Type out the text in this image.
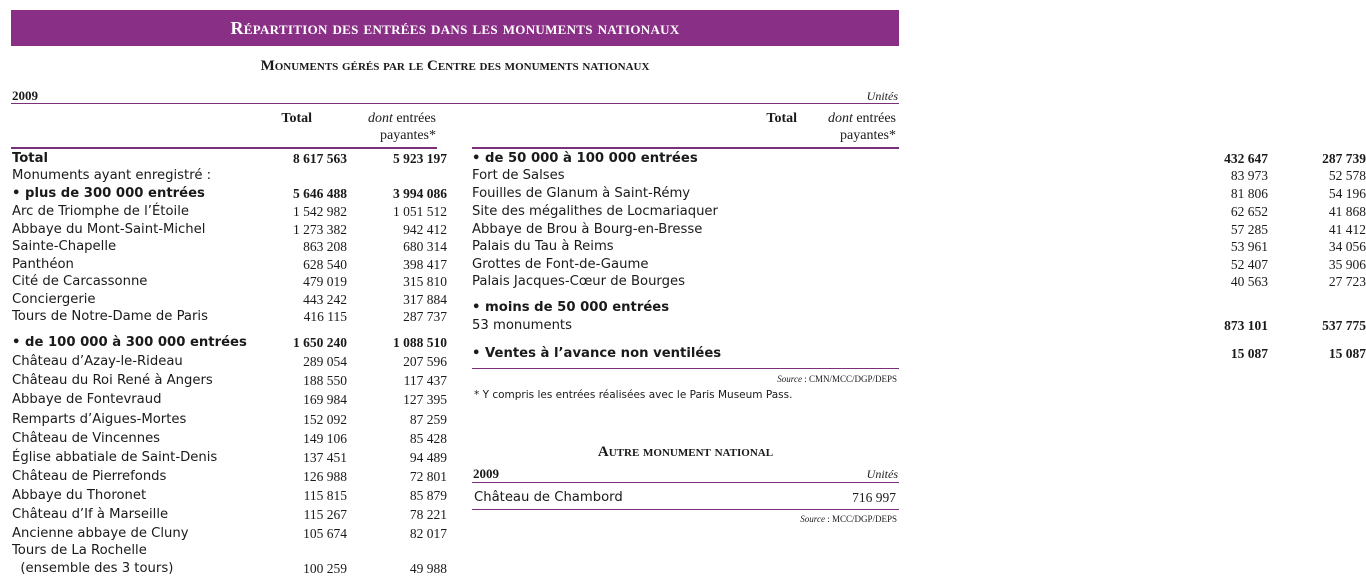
Répartition des entrées dans les monuments nationaux
Monuments gérés par le Centre des monuments nationaux
2009	Unités
Total	dont entrées
payantes*
Total	dont entrées
payantes*
Total	8 617 563	5 923 197
Monuments ayant enregistré :
• plus de 300 000 entrées	5 646 488	3 994 086
Arc de Triomphe de l’Étoile	1 542 982	1 051 512
Abbaye du Mont-Saint-Michel	1 273 382	942 412
Sainte-Chapelle	863 208	680 314
Panthéon	628 540	398 417
Cité de Carcassonne	479 019	315 810
Conciergerie	443 242	317 884
Tours de Notre-Dame de Paris	416 115	287 737
• de 100 000 à 300 000 entrées	1 650 240	1 088 510
Château d’Azay-le-Rideau	289 054	207 596
Château du Roi René à Angers	188 550	117 437
Abbaye de Fontevraud	169 984	127 395
Remparts d’Aigues-Mortes	152 092	87 259
Château de Vincennes	149 106	85 428
Église abbatiale de Saint-Denis	137 451	94 489
Château de Pierrefonds	126 988	72 801
Abbaye du Thoronet	115 815	85 879
Château d’If à Marseille	115 267	78 221
Ancienne abbaye de Cluny	105 674	82 017
Tours de La Rochelle
(ensemble des 3 tours)	100 259	49 988
• de 50 000 à 100 000 entrées	432 647	287 739
Fort de Salses	83 973	52 578
Fouilles de Glanum à Saint-Rémy	81 806	54 196
Site des mégalithes de Locmariaquer	62 652	41 868
Abbaye de Brou à Bourg-en-Bresse	57 285	41 412
Palais du Tau à Reims	53 961	34 056
Grottes de Font-de-Gaume	52 407	35 906
Palais Jacques-Cœur de Bourges	40 563	27 723
• moins de 50 000 entrées
53 monuments	873 101	537 775
• Ventes à l’avance non ventilées	15 087	15 087
Source : CMN/MCC/DGP/DEPS
* Y compris les entrées réalisées avec le Paris Museum Pass.
Autre monument national
2009	Unités
Château de Chambord	716 997
Source : MCC/DGP/DEPS
